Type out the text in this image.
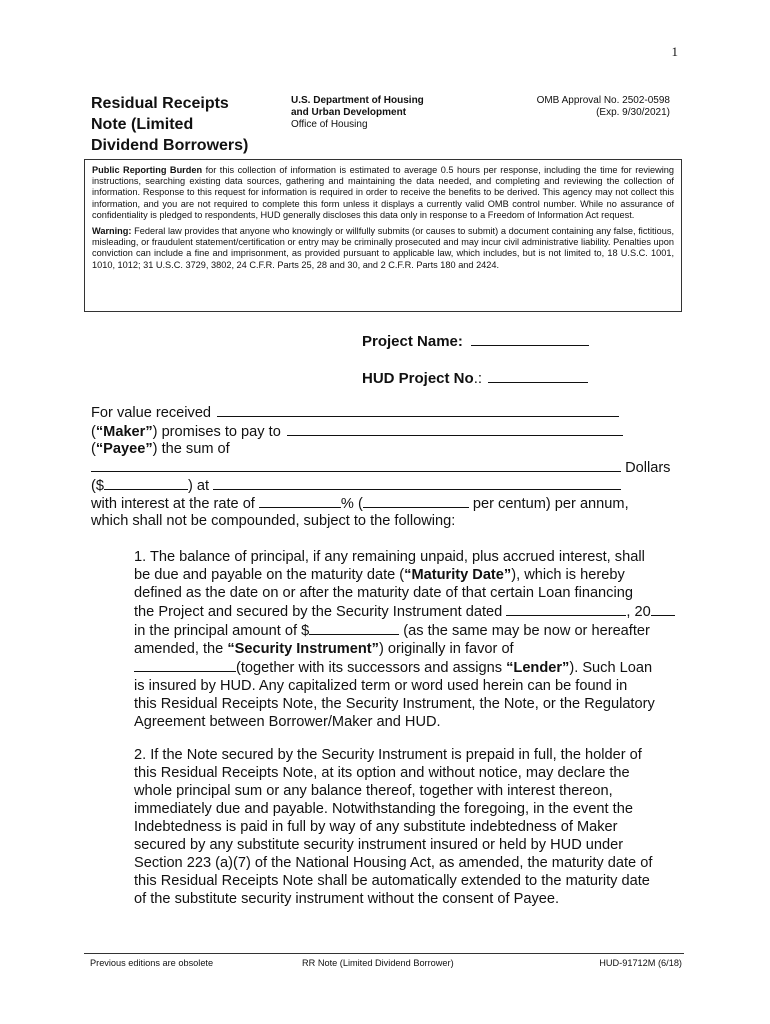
1
Residual Receipts
Note (Limited
Dividend Borrowers)
U.S. Department of Housing
and Urban Development
Office of Housing
OMB Approval No. 2502-0598
(Exp. 9/30/2021)

Public Reporting Burden for this collection of information is estimated to average 0.5 hours per response, including the time for reviewing instructions, searching existing data sources, gathering and maintaining the data needed, and completing and reviewing the collection of information. Response to this request for information is required in order to receive the benefits to be derived. This agency may not collect this information, and you are not required to complete this form unless it displays a currently valid OMB control number. While no assurance of confidentiality is pledged to respondents, HUD generally discloses this data only in response to a Freedom of Information Act request.

Warning: Federal law provides that anyone who knowingly or willfully submits (or causes to submit) a document containing any false, fictitious, misleading, or fraudulent statement/certification or entry may be criminally prosecuted and may incur civil administrative liability. Penalties upon conviction can include a fine and imprisonment, as provided pursuant to applicable law, which includes, but is not limited to, 18 U.S.C. 1001, 1010, 1012; 31 U.S.C. 3729, 3802, 24 C.F.R. Parts 25, 28 and 30, and 2 C.F.R. Parts 180 and 2424.

Project Name:
HUD Project No.:
For value received
(“Maker”) promises to pay to
(“Payee”) the sum of
Dollars
($	) at
with interest at the rate of	% (	per centum) per annum,
which shall not be compounded, subject to the following:

1. The balance of principal, if any remaining unpaid, plus accrued interest, shall

be due and payable on the maturity date (“Maturity Date”), which is hereby

defined as the date on or after the maturity date of that certain Loan financing

the Project and secured by the Security Instrument dated	, 20

in the principal amount of $	(as the same may be now or hereafter

amended, the “Security Instrument”) originally in favor of

(together with its successors and assigns “Lender”). Such Loan

is insured by HUD. Any capitalized term or word used herein can be found in

this Residual Receipts Note, the Security Instrument, the Note, or the Regulatory

Agreement between Borrower/Maker and HUD.

2. If the Note secured by the Security Instrument is prepaid in full, the holder of

this Residual Receipts Note, at its option and without notice, may declare the

whole principal sum or any balance thereof, together with interest thereon,

immediately due and payable. Notwithstanding the foregoing, in the event the

Indebtedness is paid in full by way of any substitute indebtedness of Maker

secured by any substitute security instrument insured or held by HUD under

Section 223 (a)(7) of the National Housing Act, as amended, the maturity date of

this Residual Receipts Note shall be automatically extended to the maturity date

of the substitute security instrument without the consent of Payee.

Previous editions are obsolete	RR Note (Limited Dividend Borrower)	HUD-91712M (6/18)
